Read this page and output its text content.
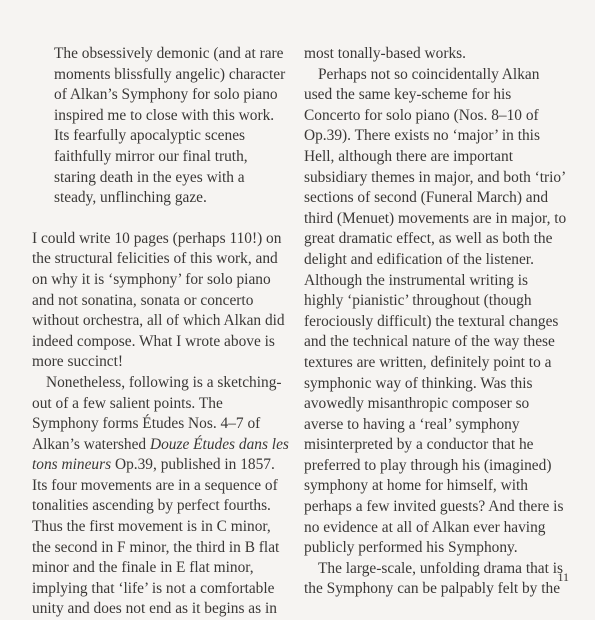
The obsessively demonic (and at rare moments blissfully angelic) character of Alkan’s Symphony for solo piano inspired me to close with this work. Its fearfully apocalyptic scenes faithfully mirror our final truth, staring death in the eyes with a steady, unflinching gaze.

I could write 10 pages (perhaps 110!) on the structural felicities of this work, and on why it is ‘symphony’ for solo piano and not sonatina, sonata or concerto without orchestra, all of which Alkan did indeed compose. What I wrote above is more succinct!

Nonetheless, following is a sketching-out of a few salient points. The Symphony forms Études Nos. 4–7 of Alkan’s watershed Douze Études dans les tons mineurs Op.39, published in 1857. Its four movements are in a sequence of tonalities ascending by perfect fourths. Thus the first movement is in C minor, the second in F minor, the third in B flat minor and the finale in E flat minor, implying that ‘life’ is not a comfortable unity and does not end as it begins as in

most tonally-based works.

Perhaps not so coincidentally Alkan used the same key-scheme for his Concerto for solo piano (Nos. 8–10 of Op.39). There exists no ‘major’ in this Hell, although there are important subsidiary themes in major, and both ‘trio’ sections of second (Funeral March) and third (Menuet) movements are in major, to great dramatic effect, as well as both the delight and edification of the listener. Although the instrumental writing is highly ‘pianistic’ throughout (though ferociously difficult) the textural changes and the technical nature of the way these textures are written, definitely point to a symphonic way of thinking. Was this avowedly misanthropic composer so averse to having a ‘real’ symphony misinterpreted by a conductor that he preferred to play through his (imagined) symphony at home for himself, with perhaps a few invited guests? And there is no evidence at all of Alkan ever having publicly performed his Symphony.

The large-scale, unfolding drama that is the Symphony can be palpably felt by the

11
